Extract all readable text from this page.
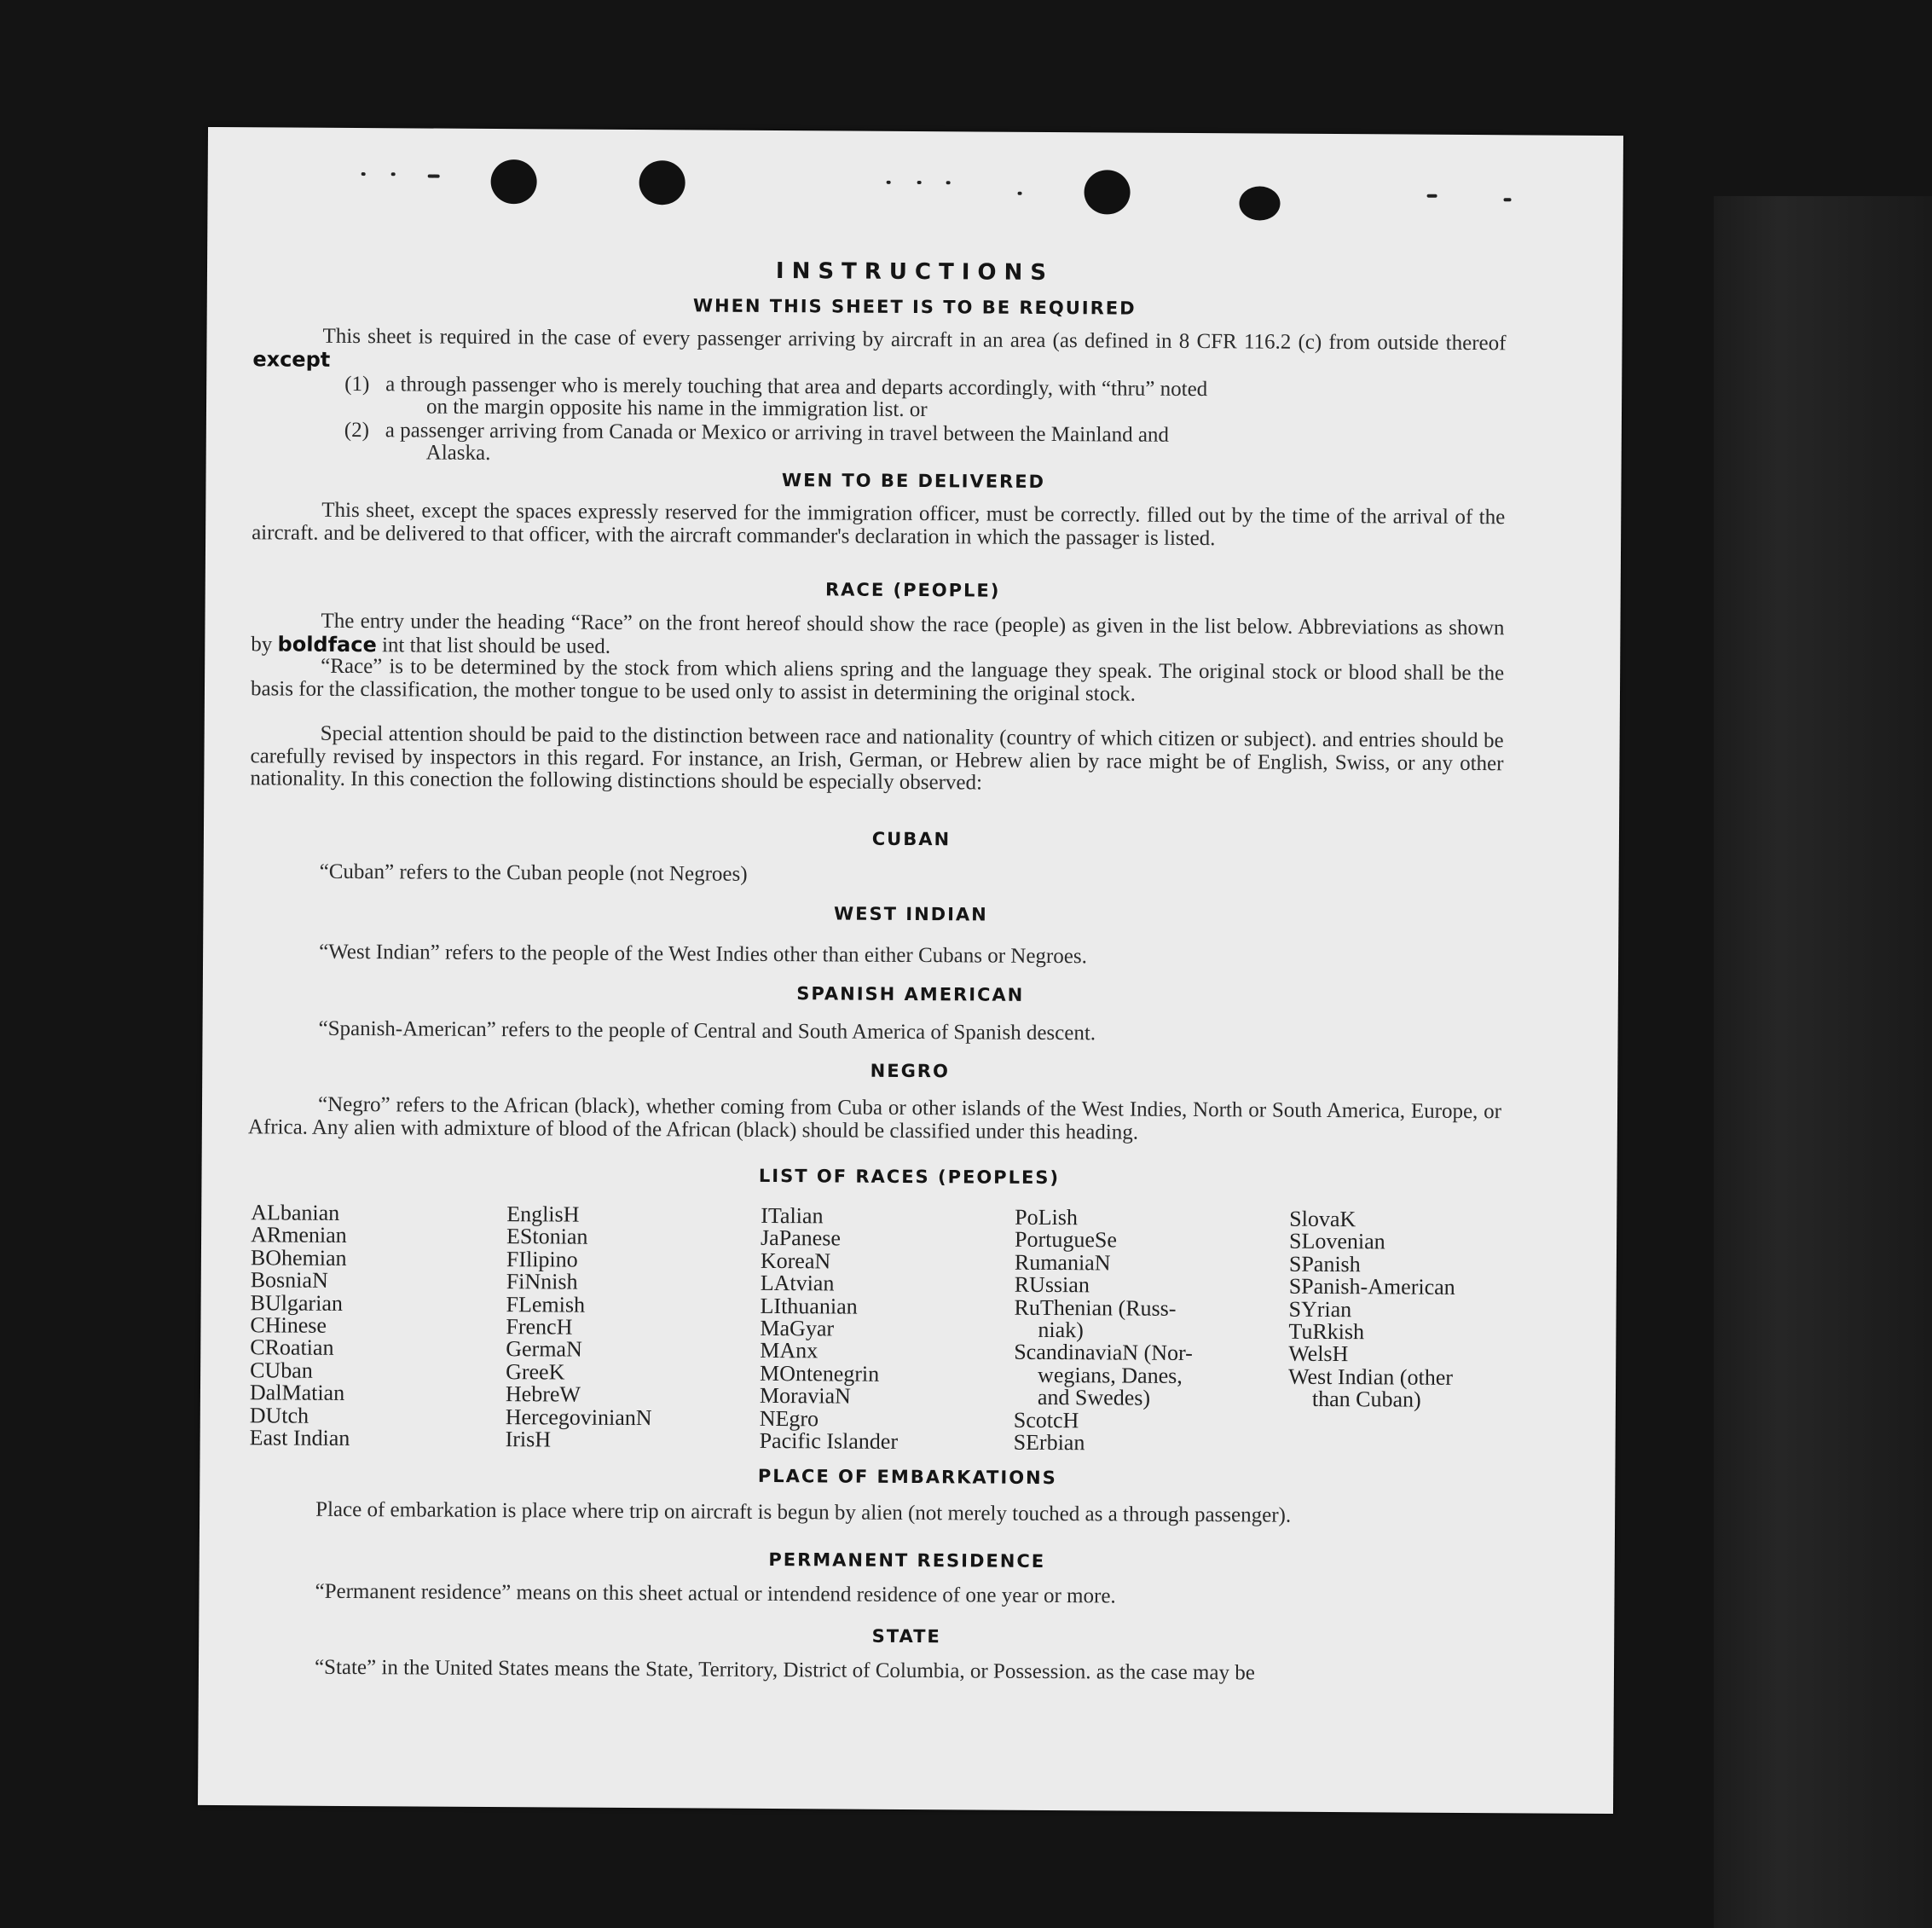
INSTRUCTIONS
WHEN THIS SHEET IS TO BE REQUIRED
This sheet is required in the case of every passenger arriving by aircraft in an area (as defined in 8 CFR 116.2 (c) from outside thereof except
(1) a through passenger who is merely touching that area and departs accordingly, with “thru” noted
on the margin opposite his name in the immigration list. or
(2) a passenger arriving from Canada or Mexico or arriving in travel between the Mainland and
Alaska.
WEN TO BE DELIVERED
This sheet, except the spaces expressly reserved for the immigration officer, must be correctly. filled out by the time of the arrival of the aircraft. and be delivered to that officer, with the aircraft commander's declaration in which the passager is listed.
RACE (PEOPLE)
The entry under the heading “Race” on the front hereof should show the race (people) as given in the list below. Abbreviations as shown by boldface int that list should be used.
“Race” is to be determined by the stock from which aliens spring and the language they speak. The original stock or blood shall be the basis for the classification, the mother tongue to be used only to assist in determining the original stock.
Special attention should be paid to the distinction between race and nationality (country of which citizen or subject). and entries should be carefully revised by inspectors in this regard. For instance, an Irish, German, or Hebrew alien by race might be of English, Swiss, or any other nationality. In this conection the following distinctions should be especially observed:
CUBAN
“Cuban” refers to the Cuban people (not Negroes)
WEST INDIAN
“West Indian” refers to the people of the West Indies other than either Cubans or Negroes.
SPANISH AMERICAN
“Spanish-American” refers to the people of Central and South America of Spanish descent.
NEGRO
“Negro” refers to the African (black), whether coming from Cuba or other islands of the West Indies, North or South America, Europe, or Africa. Any alien with admixture of blood of the African (black) should be classified under this heading.
LIST OF RACES (PEOPLES)
ALbanian
ARmenian
BOhemian
BosniaN
BUlgarian
CHinese
CRoatian
CUban
DalMatian
DUtch
East Indian
EnglisH
EStonian
FIlipino
FiNnish
FLemish
FrencH
GermaN
GreeK
HebreW
HercegovinianN
IrisH
ITalian
JaPanese
KoreaN
LAtvian
LIthuanian
MaGyar
MAnx
MOntenegrin
MoraviaN
NEgro
Pacific Islander
PoLish
PortugueSe
RumaniaN
RUssian
RuThenian (Russ-
niak)
ScandinaviaN (Nor-
wegians, Danes,
and Swedes)
ScotcH
SErbian
SlovaK
SLovenian
SPanish
SPanish-American
SYrian
TuRkish
WelsH
West Indian (other
than Cuban)
PLACE OF EMBARKATIONS
Place of embarkation is place where trip on aircraft is begun by alien (not merely touched as a through passenger).
PERMANENT RESIDENCE
“Permanent residence” means on this sheet actual or intendend residence of one year or more.
STATE
“State” in the United States means the State, Territory, District of Columbia, or Possession. as the case may be
